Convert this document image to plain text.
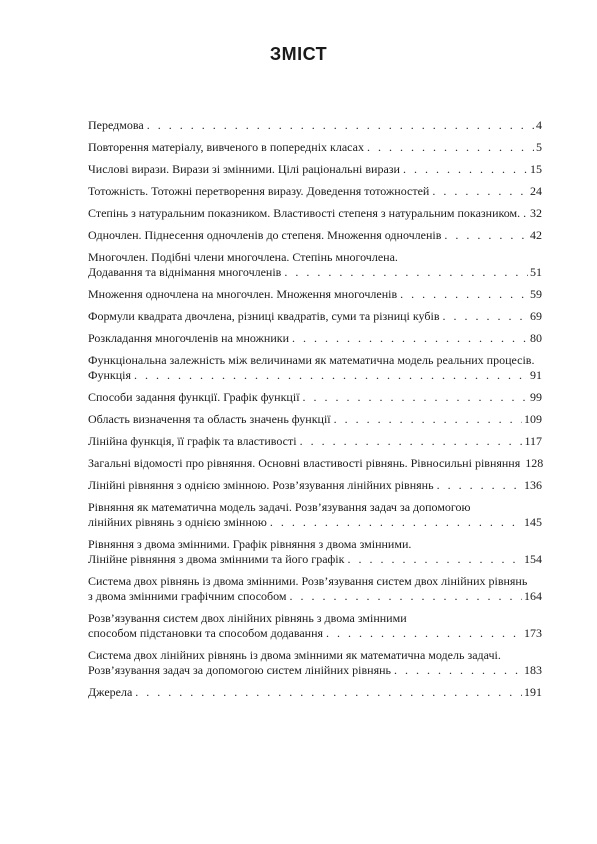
ЗМІСТ
Передмова . . .	4
Повторення матеріалу, вивченого в попередніх класах . . .	5
Числові вирази. Вирази зі змінними. Цілі раціональні вирази . . .	15
Тотожність. Тотожні перетворення виразу. Доведення тотожностей . . .	24
Степінь з натуральним показником. Властивості степеня з натуральним показником. . . . 32
Одночлен. Піднесення одночленів до степеня. Множення одночленів . . .	42
Многочлен. Подібні члени многочлена. Степінь многочлена.
Додавання та віднімання многочленів . . .	51
Множення одночлена на многочлен. Множення многочленів . . .	59
Формули квадрата двочлена, різниці квадратів, суми та різниці кубів . . .	69
Розкладання многочленів на множники . . .	80
Функціональна залежність між величинами як математична модель реальних процесів.
Функція . . .	91
Способи задання функції. Графік функції . . .	99
Область визначення та область значень функції . . .	109
Лінійна функція, її графік та властивості . . .	117
Загальні відомості про рівняння. Основні властивості рівнянь. Рівносильні рівняння . . . 128
Лінійні рівняння з однією змінною. Розв’язування лінійних рівнянь . . .	136
Рівняння як математична модель задачі. Розв’язування задач за допомогою
лінійних рівнянь з однією змінною . . .	145
Рівняння з двома змінними. Графік рівняння з двома змінними.
Лінійне рівняння з двома змінними та його графік . . .	154
Система двох рівнянь із двома змінними. Розв’язування систем двох лінійних рівнянь
з двома змінними графічним способом . . .	164
Розв’язування систем двох лінійних рівнянь з двома змінними
способом підстановки та способом додавання . . .	173
Система двох лінійних рівнянь із двома змінними як математична модель задачі.
Розв’язування задач за допомогою систем лінійних рівнянь . . .	183
Джерела . . .	191
